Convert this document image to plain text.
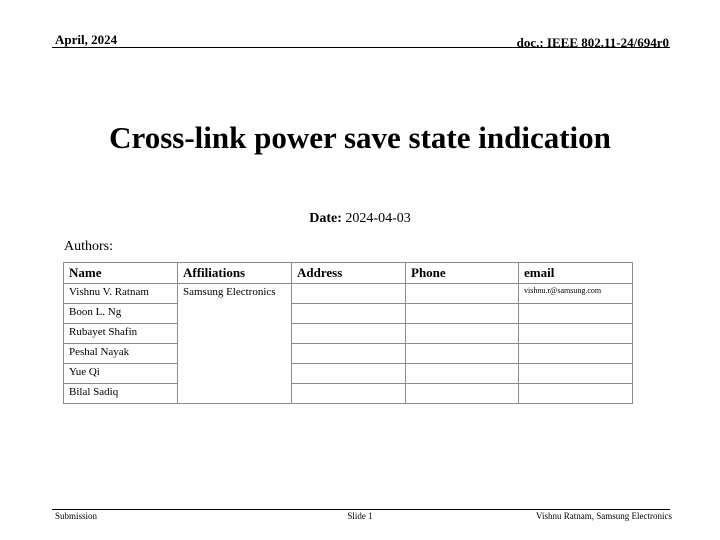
April, 2024	doc.: IEEE 802.11-24/694r0
Cross-link power save state indication
Date: 2024-04-03
Authors:
Name	Affiliations	Address	Phone	email
Vishnu V. Ratnam	Samsung Electronics			vishnu.r@samsung.com
Boon L. Ng				
Rubayet Shafin				
Peshal Nayak				
Yue Qi				
Bilal Sadiq				
Submission	Slide 1	Vishnu Ratnam, Samsung Electronics
